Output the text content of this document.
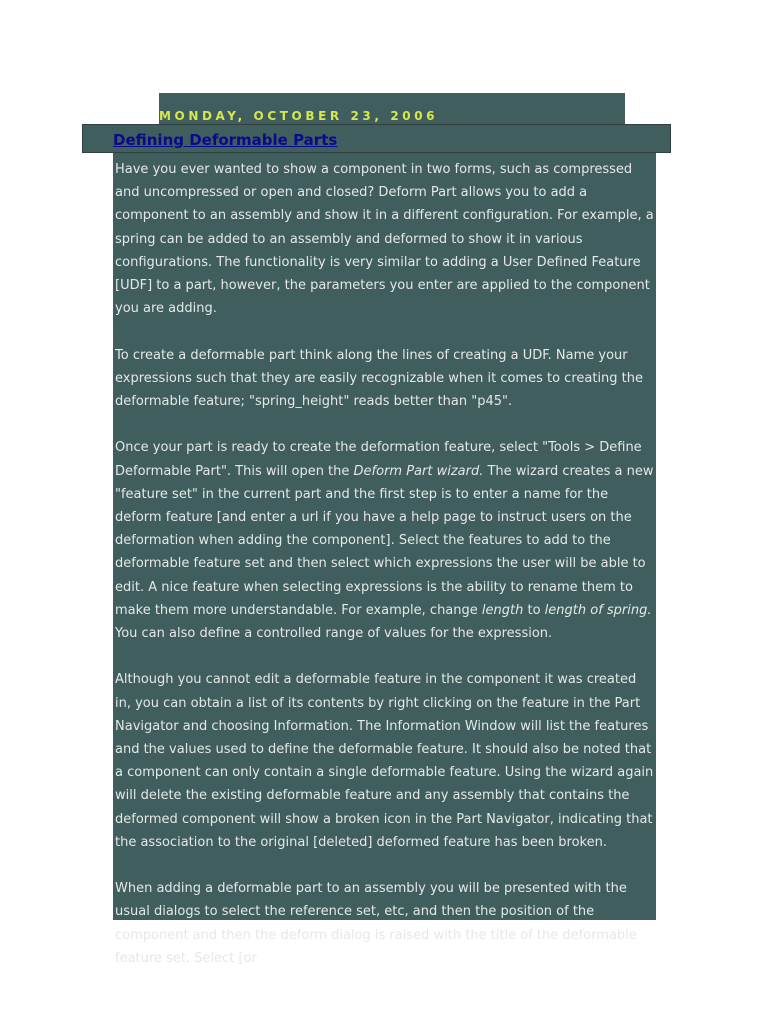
MONDAY, OCTOBER 23, 2006
Defining Deformable Parts

Have you ever wanted to show a component in two forms, such as compressed and uncompressed or open and closed? Deform Part allows you to add a component to an assembly and show it in a different configuration. For example, a spring can be added to an assembly and deformed to show it in various configurations. The functionality is very similar to adding a User Defined Feature [UDF] to a part, however, the parameters you enter are applied to the component you are adding.

To create a deformable part think along the lines of creating a UDF. Name your expressions such that they are easily recognizable when it comes to creating the deformable feature; "spring_height" reads better than "p45".

Once your part is ready to create the deformation feature, select "Tools > Define Deformable Part". This will open the Deform Part wizard. The wizard creates a new "feature set" in the current part and the first step is to enter a name for the deform feature [and enter a url if you have a help page to instruct users on the deformation when adding the component]. Select the features to add to the deformable feature set and then select which expressions the user will be able to edit. A nice feature when selecting expressions is the ability to rename them to make them more understandable. For example, change length to length of spring. You can also define a controlled range of values for the expression.

Although you cannot edit a deformable feature in the component it was created in, you can obtain a list of its contents by right clicking on the feature in the Part Navigator and choosing Information. The Information Window will list the features and the values used to define the deformable feature. It should also be noted that a component can only contain a single deformable feature. Using the wizard again will delete the existing deformable feature and any assembly that contains the deformed component will show a broken icon in the Part Navigator, indicating that the association to the original [deleted] deformed feature has been broken.

When adding a deformable part to an assembly you will be presented with the usual dialogs to select the reference set, etc, and then the position of the component and then the deform dialog is raised with the title of the deformable feature set. Select [or
